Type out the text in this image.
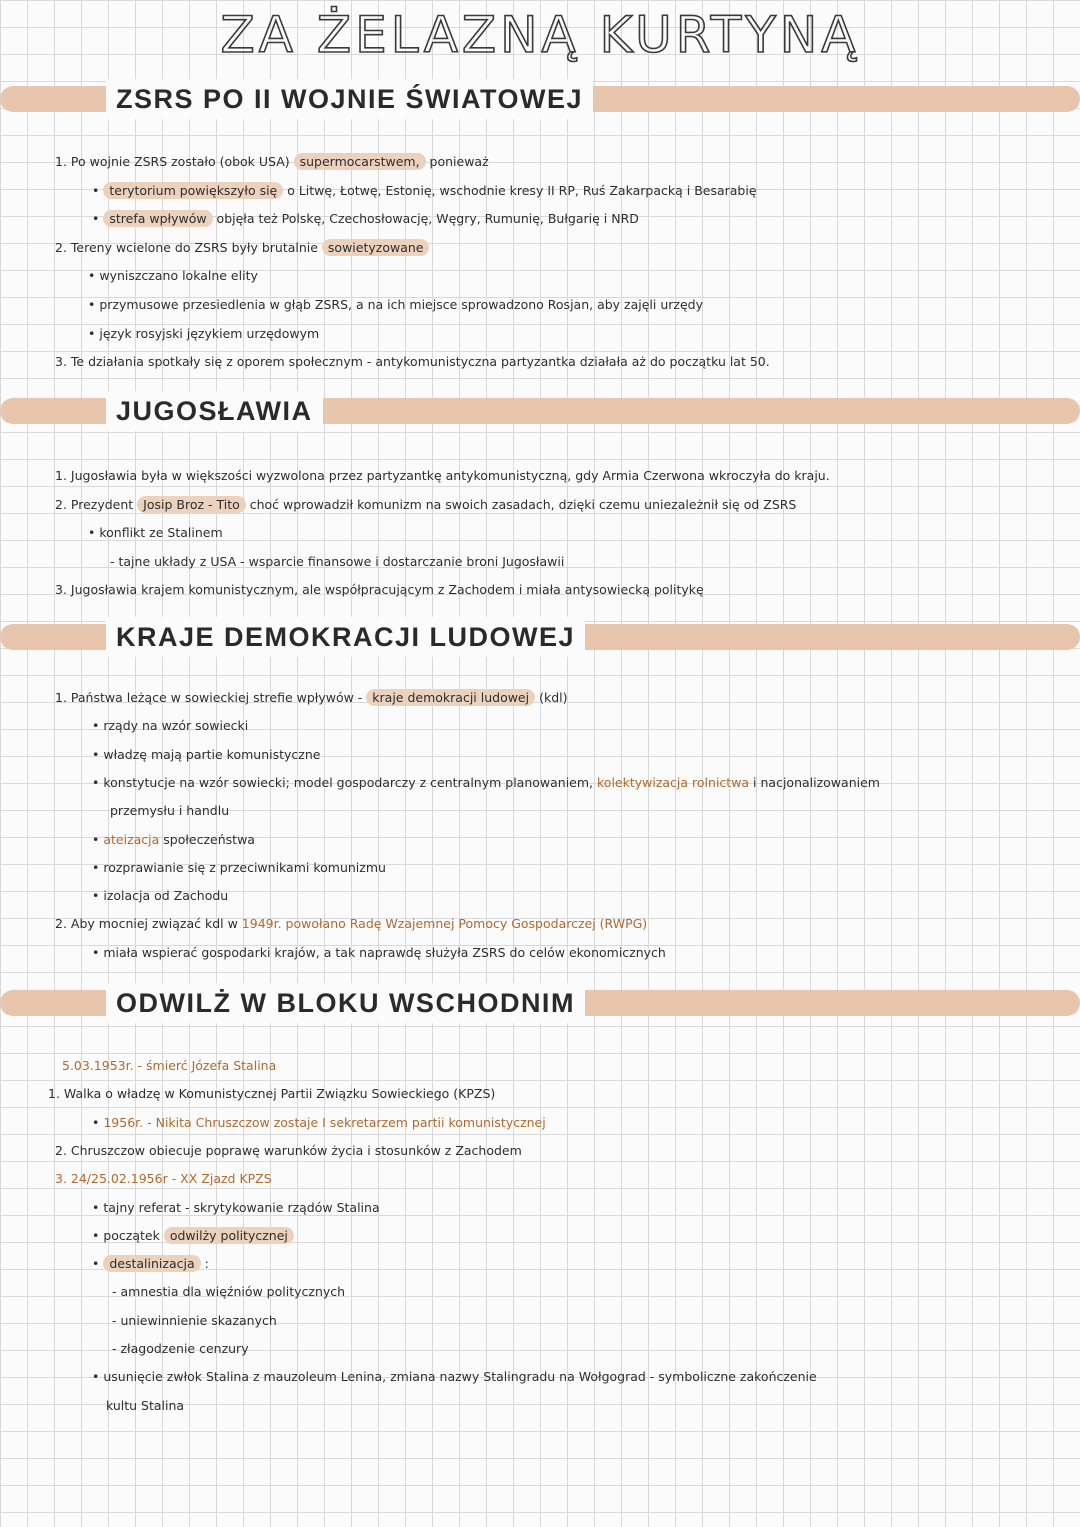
ZA ŻELAZNĄ KURTYNĄ
ZSRS PO II WOJNIE ŚWIATOWEJ
1. Po wojnie ZSRS zostało (obok USA) supermocarstwem, ponieważ
• terytorium powiększyło się o Litwę, Łotwę, Estonię, wschodnie kresy II RP, Ruś Zakarpacką i Besarabię
• strefa wpływów objęła też Polskę, Czechosłowację, Węgry, Rumunię, Bułgarię i NRD
2. Tereny wcielone do ZSRS były brutalnie sowietyzowane
• wyniszczano lokalne elity
• przymusowe przesiedlenia w głąb ZSRS, a na ich miejsce sprowadzono Rosjan, aby zajęli urzędy
• język rosyjski językiem urzędowym
3. Te działania spotkały się z oporem społecznym - antykomunistyczna partyzantka działała aż do początku lat 50.
JUGOSŁAWIA
1. Jugosławia była w większości wyzwolona przez partyzantkę antykomunistyczną, gdy Armia Czerwona wkroczyła do kraju.
2. Prezydent Josip Broz - Tito choć wprowadził komunizm na swoich zasadach, dzięki czemu uniezależnił się od ZSRS
• konflikt ze Stalinem
- tajne układy z USA - wsparcie finansowe i dostarczanie broni Jugosławii
3. Jugosławia krajem komunistycznym, ale współpracującym z Zachodem i miała antysowiecką politykę
KRAJE DEMOKRACJI LUDOWEJ
1. Państwa leżące w sowieckiej strefie wpływów - kraje demokracji ludowej (kdl)
• rządy na wzór sowiecki
• władzę mają partie komunistyczne
• konstytucje na wzór sowiecki; model gospodarczy z centralnym planowaniem, kolektywizacja rolnictwa i nacjonalizowaniem
przemysłu i handlu
• ateizacja społeczeństwa
• rozprawianie się z przeciwnikami komunizmu
• izolacja od Zachodu
2. Aby mocniej związać kdl w 1949r. powołano Radę Wzajemnej Pomocy Gospodarczej (RWPG)
• miała wspierać gospodarki krajów, a tak naprawdę służyła ZSRS do celów ekonomicznych
ODWILŻ W BLOKU WSCHODNIM
5.03.1953r. - śmierć Józefa Stalina
1. Walka o władzę w Komunistycznej Partii Związku Sowieckiego (KPZS)
• 1956r. - Nikita Chruszczow zostaje I sekretarzem partii komunistycznej
2. Chruszczow obiecuje poprawę warunków życia i stosunków z Zachodem
3. 24/25.02.1956r - XX Zjazd KPZS
• tajny referat - skrytykowanie rządów Stalina
• początek odwilży politycznej
• destalinizacja :
- amnestia dla więźniów politycznych
- uniewinnienie skazanych
- złagodzenie cenzury
• usunięcie zwłok Stalina z mauzoleum Lenina, zmiana nazwy Stalingradu na Wołgograd - symboliczne zakończenie
kultu Stalina
